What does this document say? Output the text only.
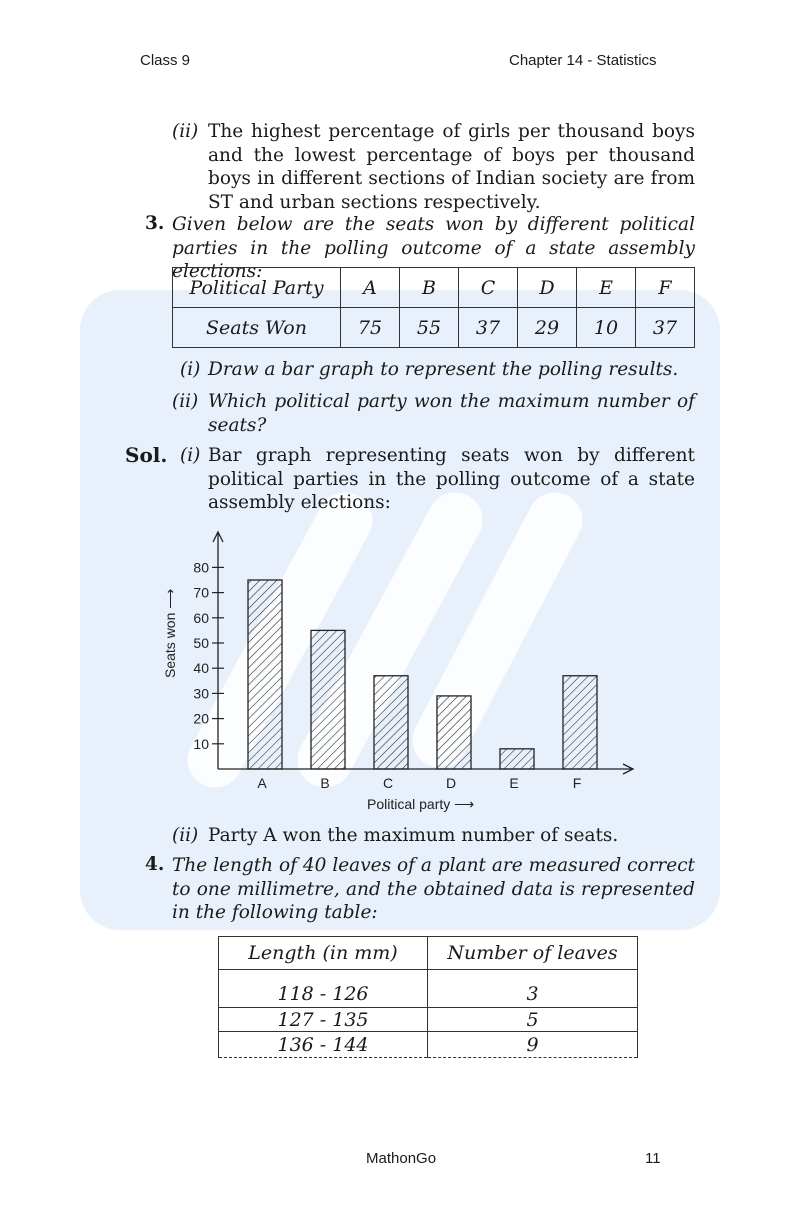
Class 9	Chapter 14 - Statistics
(ii) The highest percentage of girls per thousand boys and the lowest percentage of boys per thousand boys in different sections of Indian society are from ST and urban sections respectively.
3. Given below are the seats won by different political parties in the polling outcome of a state assembly elections:
Political Party	A	B	C	D	E	F
Seats Won	75	55	37	29	10	37
(i) Draw a bar graph to represent the polling results.
(ii) Which political party won the maximum number of seats?
Sol. (i) Bar graph representing seats won by different political parties in the polling outcome of a state assembly elections:
10
20
30
40
50
60
70
80
A	B	C	D	E	F
Political party ⟶
Seats won ⟶
(ii) Party A won the maximum number of seats.
4. The length of 40 leaves of a plant are measured correct to one millimetre, and the obtained data is represented in the following table:
Length (in mm)	Number of leaves
118 - 126	3
127 - 135	5
136 - 144	9
MathonGo	11
